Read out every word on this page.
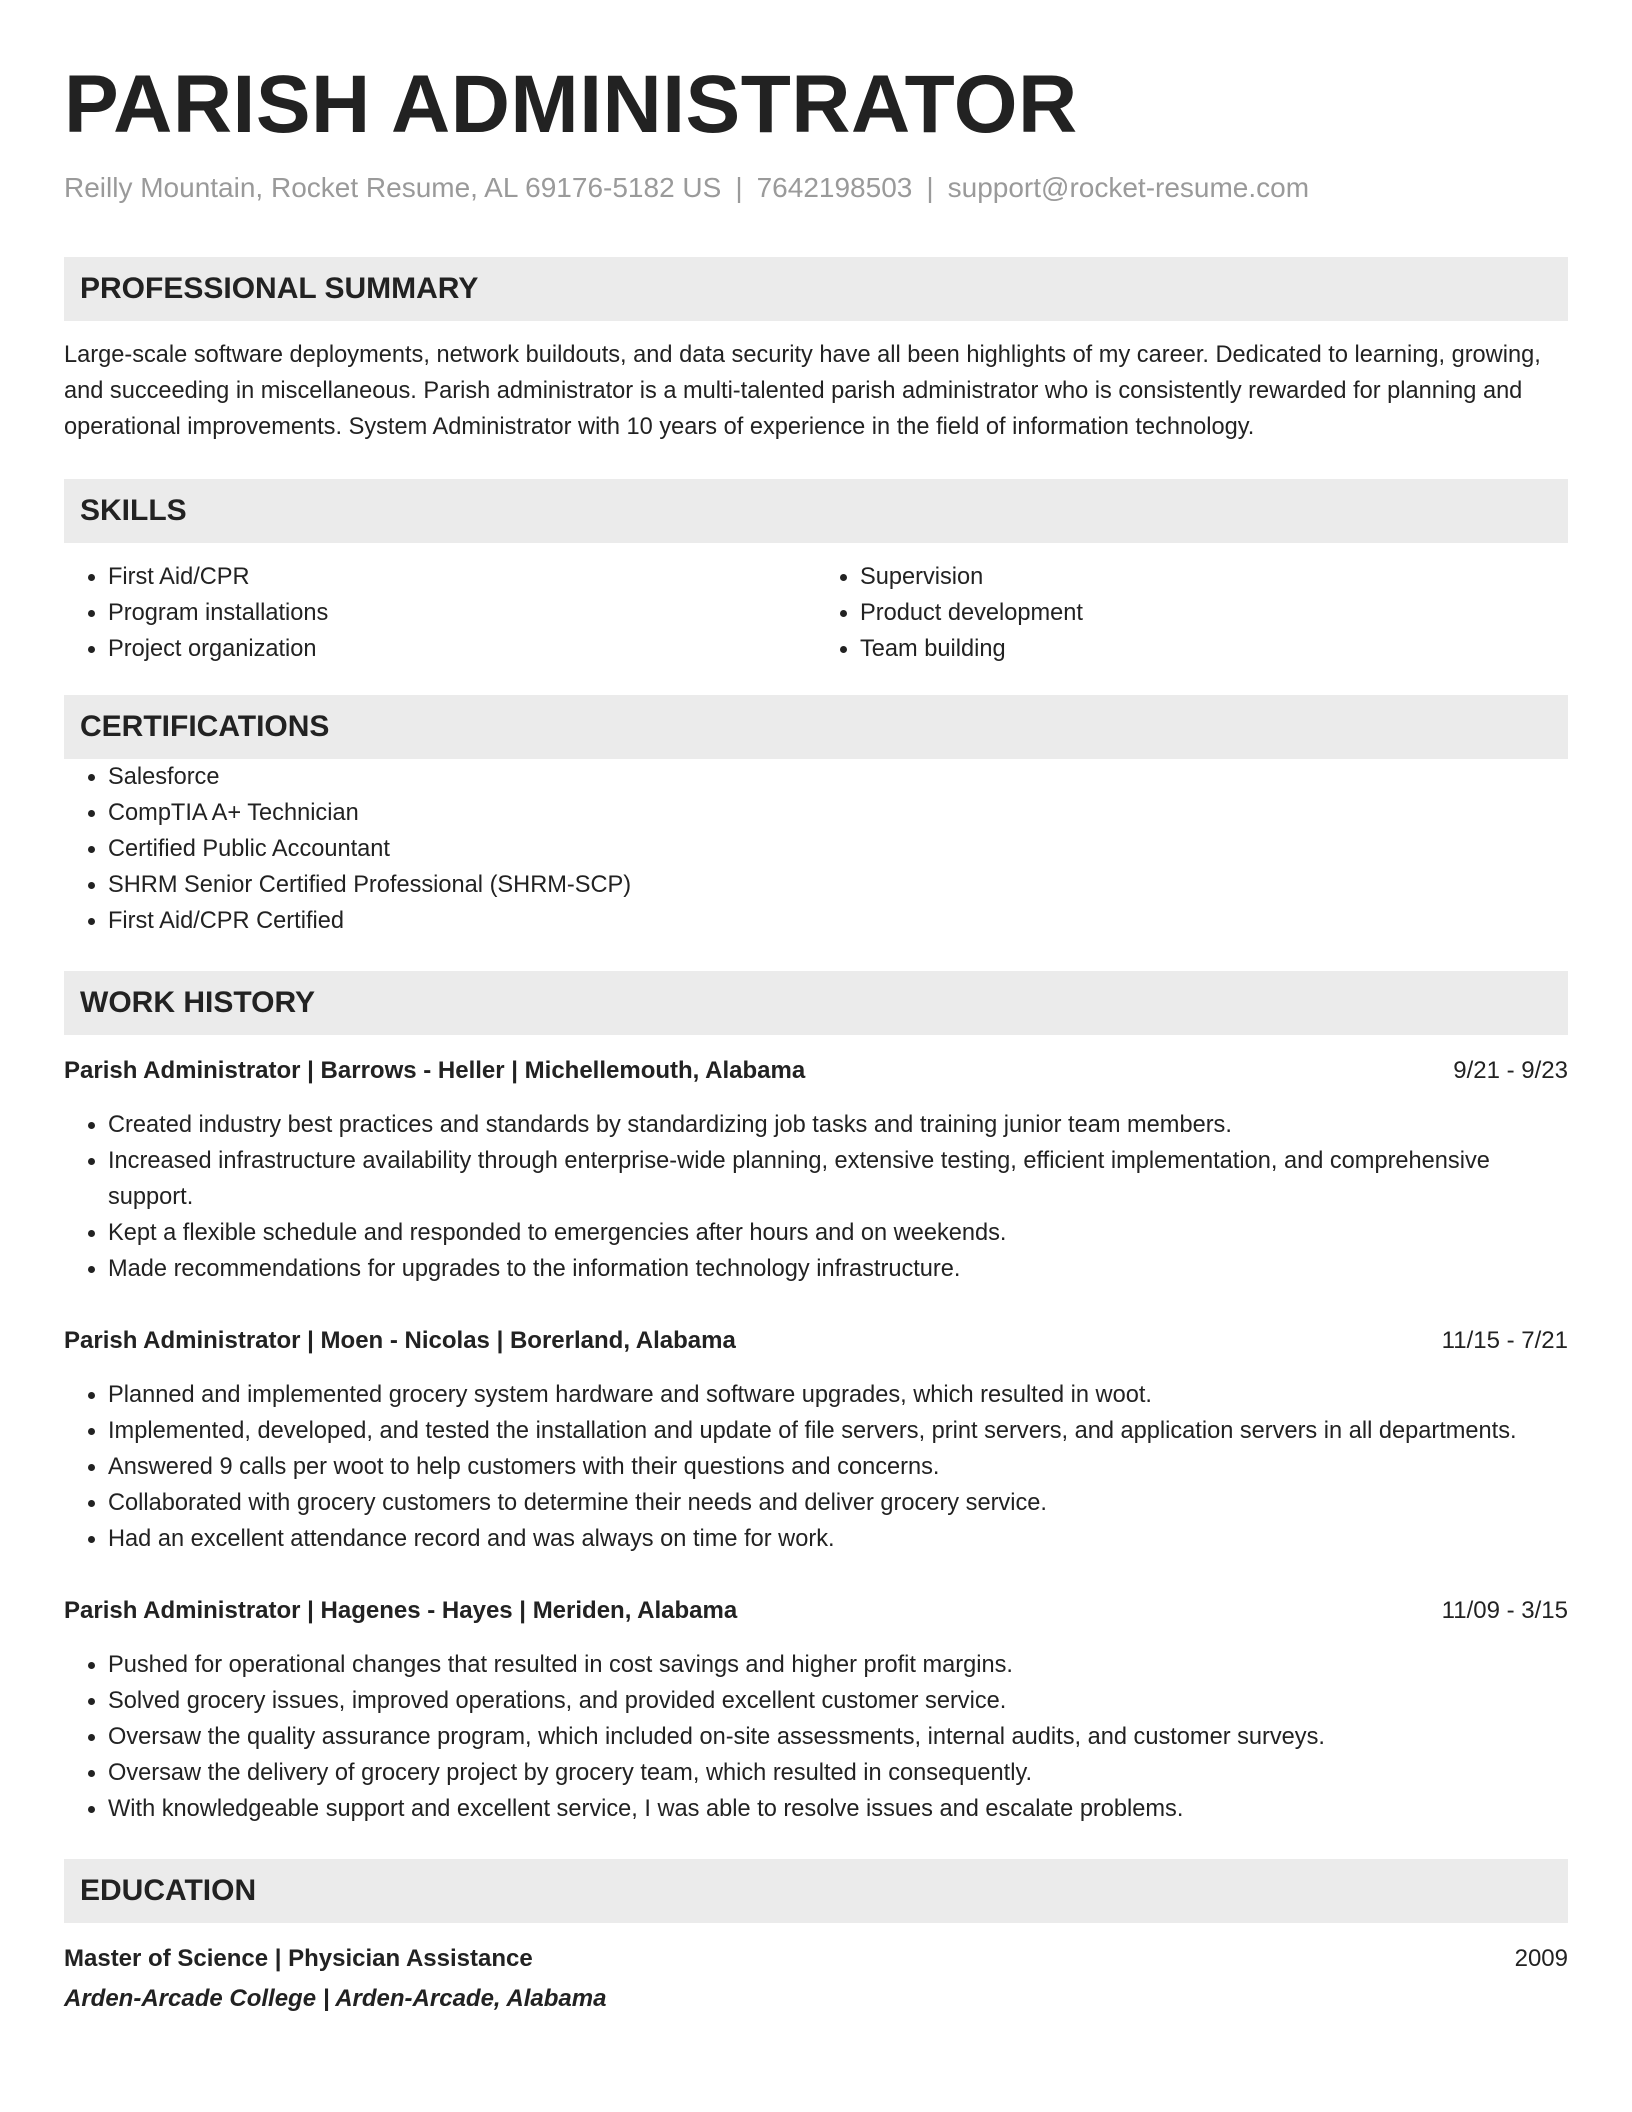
PARISH ADMINISTRATOR
Reilly Mountain, Rocket Resume, AL 69176-5182 US | 7642198503 | support@rocket-resume.com
PROFESSIONAL SUMMARY

Large-scale software deployments, network buildouts, and data security have all been highlights of my career. Dedicated to learning, growing, and succeeding in miscellaneous. Parish administrator is a multi-talented parish administrator who is consistently rewarded for planning and operational improvements. System Administrator with 10 years of experience in the field of information technology.

SKILLS
• First Aid/CPR
• Program installations
• Project organization
• Supervision
• Product development
• Team building
CERTIFICATIONS
• Salesforce
• CompTIA A+ Technician
• Certified Public Accountant
• SHRM Senior Certified Professional (SHRM-SCP)
• First Aid/CPR Certified
WORK HISTORY
Parish Administrator | Barrows - Heller | Michellemouth, Alabama	9/21 - 9/23
• Created industry best practices and standards by standardizing job tasks and training junior team members.
• Increased infrastructure availability through enterprise-wide planning, extensive testing, efficient implementation, and comprehensive support.
• Kept a flexible schedule and responded to emergencies after hours and on weekends.
• Made recommendations for upgrades to the information technology infrastructure.
Parish Administrator | Moen - Nicolas | Borerland, Alabama	11/15 - 7/21
• Planned and implemented grocery system hardware and software upgrades, which resulted in woot.
• Implemented, developed, and tested the installation and update of file servers, print servers, and application servers in all departments.
• Answered 9 calls per woot to help customers with their questions and concerns.
• Collaborated with grocery customers to determine their needs and deliver grocery service.
• Had an excellent attendance record and was always on time for work.
Parish Administrator | Hagenes - Hayes | Meriden, Alabama	11/09 - 3/15
• Pushed for operational changes that resulted in cost savings and higher profit margins.
• Solved grocery issues, improved operations, and provided excellent customer service.
• Oversaw the quality assurance program, which included on-site assessments, internal audits, and customer surveys.
• Oversaw the delivery of grocery project by grocery team, which resulted in consequently.
• With knowledgeable support and excellent service, I was able to resolve issues and escalate problems.
EDUCATION
Master of Science | Physician Assistance	2009
Arden-Arcade College | Arden-Arcade, Alabama
